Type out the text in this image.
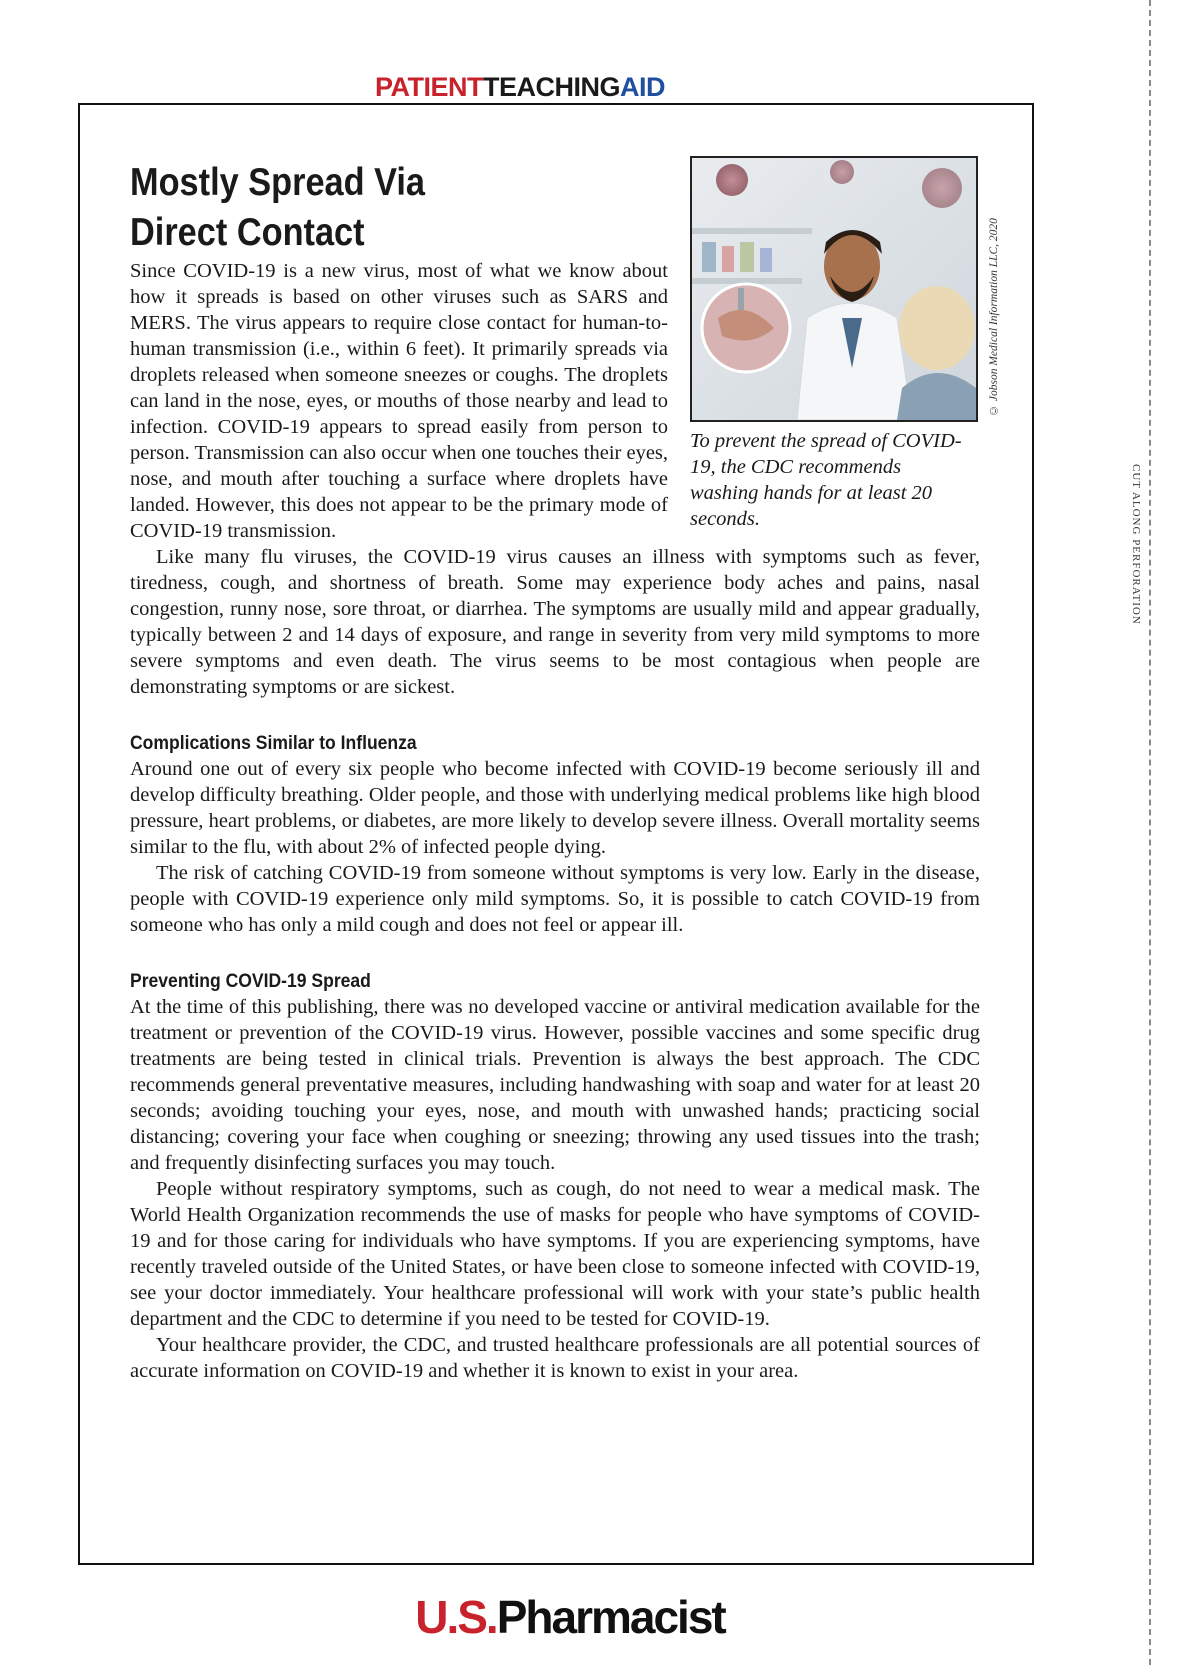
PATIENTTEACHINGAID
CUT ALONG PERFORATION
© Jobson Medical Information LLC, 2020
To prevent the spread of COVID-19, the CDC recommends washing hands for at least 20 seconds.
Mostly Spread Via
Direct Contact

Since COVID-19 is a new virus, most of what we know about how it spreads is based on other viruses such as SARS and MERS. The virus appears to require close contact for human-to-human transmission (i.e., within 6 feet). It primarily spreads via droplets released when someone sneezes or coughs. The droplets can land in the nose, eyes, or mouths of those nearby and lead to infection. COVID-19 appears to spread easily from person to person. Transmission can also occur when one touches their eyes, nose, and mouth after touching a surface where droplets have landed. However, this does not appear to be the primary mode of COVID-19 transmission.

Like many flu viruses, the COVID-19 virus causes an illness with symptoms such as fever, tiredness, cough, and shortness of breath. Some may experience body aches and pains, nasal congestion, runny nose, sore throat, or diarrhea. The symptoms are usually mild and appear gradually, typically between 2 and 14 days of exposure, and range in severity from very mild symptoms to more severe symptoms and even death. The virus seems to be most contagious when people are demonstrating symptoms or are sickest.

Complications Similar to Influenza

Around one out of every six people who become infected with COVID-19 become seriously ill and develop difficulty breathing. Older people, and those with underlying medical problems like high blood pressure, heart problems, or diabetes, are more likely to develop severe illness. Overall mortality seems similar to the flu, with about 2% of infected people dying.

The risk of catching COVID-19 from someone without symptoms is very low. Early in the disease, people with COVID-19 experience only mild symptoms. So, it is possible to catch COVID-19 from someone who has only a mild cough and does not feel or appear ill.

Preventing COVID-19 Spread

At the time of this publishing, there was no developed vaccine or antiviral medication available for the treatment or prevention of the COVID-19 virus. However, possible vaccines and some specific drug treatments are being tested in clinical trials. Prevention is always the best approach. The CDC recommends general preventative measures, including handwashing with soap and water for at least 20 seconds; avoiding touching your eyes, nose, and mouth with unwashed hands; practicing social distancing; covering your face when coughing or sneezing; throwing any used tissues into the trash; and frequently disinfecting surfaces you may touch.

People without respiratory symptoms, such as cough, do not need to wear a medical mask. The World Health Organization recommends the use of masks for people who have symptoms of COVID-19 and for those caring for individuals who have symptoms. If you are experiencing symptoms, have recently traveled outside of the United States, or have been close to someone infected with COVID-19, see your doctor immediately. Your healthcare professional will work with your state’s public health department and the CDC to determine if you need to be tested for COVID-19.

Your healthcare provider, the CDC, and trusted healthcare professionals are all potential sources of accurate information on COVID-19 and whether it is known to exist in your area.

U.S.Pharmacist
